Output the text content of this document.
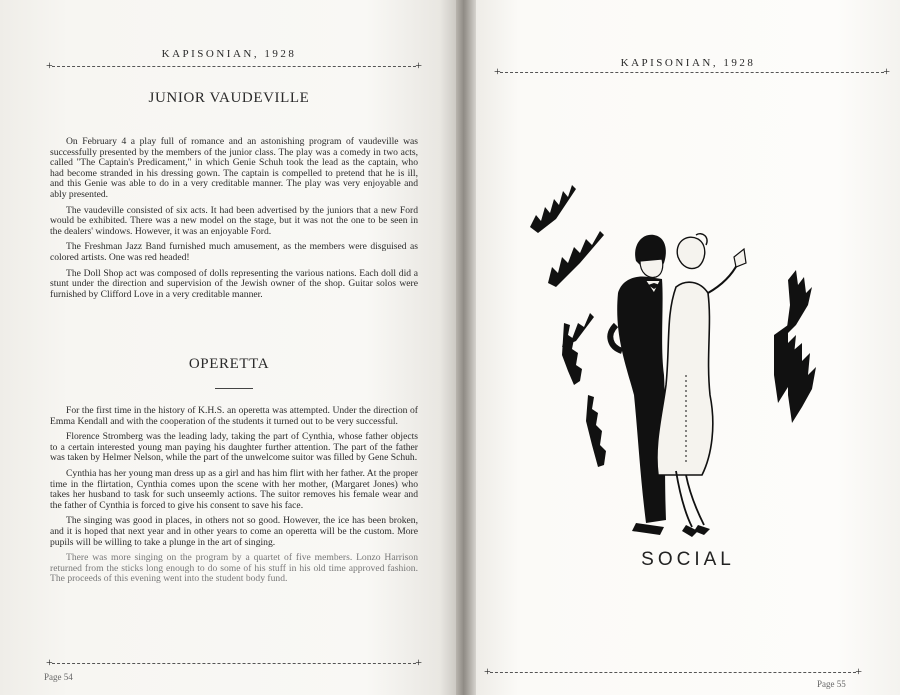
KAPISONIAN, 1928
+ +
JUNIOR VAUDEVILLE

On February 4 a play full of romance and an astonishing program of vaudeville was successfully presented by the members of the junior class. The play was a comedy in two acts, called "The Captain's Predicament," in which Genie Schuh took the lead as the captain, who had become stranded in his dressing gown. The captain is compelled to pretend that he is ill, and this Genie was able to do in a very creditable manner. The play was very enjoyable and ably presented.

The vaudeville consisted of six acts. It had been advertised by the juniors that a new Ford would be exhibited. There was a new model on the stage, but it was not the one to be seen in the dealers' windows. However, it was an enjoyable Ford.

The Freshman Jazz Band furnished much amusement, as the members were disguised as colored artists. One was red headed!

The Doll Shop act was composed of dolls representing the various nations. Each doll did a stunt under the direction and supervision of the Jewish owner of the shop. Guitar solos were furnished by Clifford Love in a very creditable manner.

OPERETTA

For the first time in the history of K.H.S. an operetta was attempted. Under the direction of Emma Kendall and with the cooperation of the students it turned out to be very successful.

Florence Stromberg was the leading lady, taking the part of Cynthia, whose father objects to a certain interested young man paying his daughter further attention. The part of the father was taken by Helmer Nelson, while the part of the unwelcome suitor was filled by Gene Schuh.

Cynthia has her young man dress up as a girl and has him flirt with her father. At the proper time in the flirtation, Cynthia comes upon the scene with her mother, (Margaret Jones) who takes her husband to task for such unseemly actions. The suitor removes his female wear and the father of Cynthia is forced to give his consent to save his face.

The singing was good in places, in others not so good. However, the ice has been broken, and it is hoped that next year and in other years to come an operetta will be the custom. More pupils will be willing to take a plunge in the art of singing.

There was more singing on the program by a quartet of five members. Lonzo Harrison returned from the sticks long enough to do some of his stuff in his old time approved fashion. The proceeds of this evening went into the student body fund.

+ +
Page 54
KAPISONIAN, 1928
+ +
SOCIAL
+ +
Page 55
